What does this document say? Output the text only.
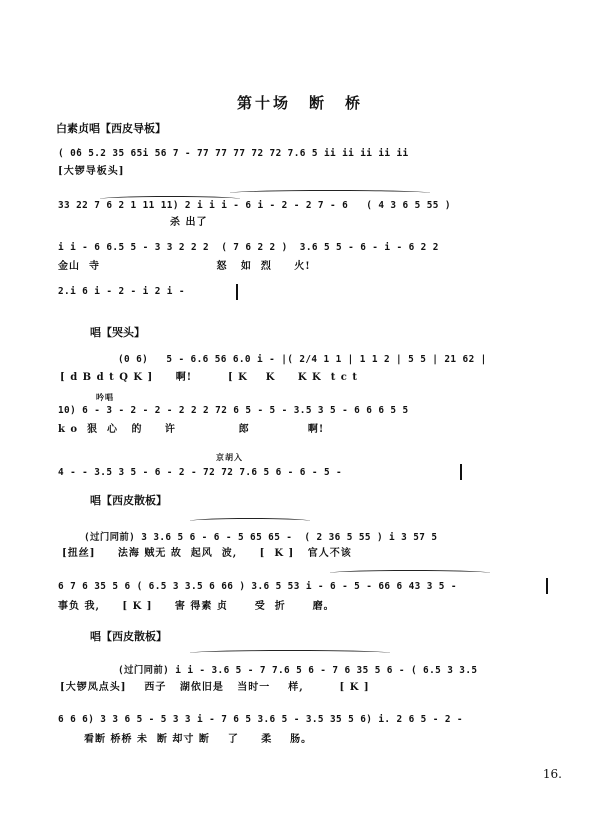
第十场　断　桥
白素贞唱【西皮导板】
( 0̇6 5.2 35 65i 56 7 - 77 77 77 72 72 7.6 5 ii ii ii ii ii
[大锣导板头]
33 22 7 6 2 1 11 11) 2 i i i - 6 i - 2 - 2 7 - 6   ( 4 3 6 5 55 )
杀 出了
i i - 6 6.5 5 - 3 3 2 2 2  ( 7 6 2 2 )  3.6 5 5 - 6 - i - 6 2 2
金山  寺                          怒   如  烈     火!
2.i 6 i - 2 - i 2 i -
唱【哭头】
(0 6)   5 - 6.6 56 6.0 i - |( 2/4 1 1 | 1 1 2 | 5 5 | 21 62 |
[ d B d t Q K ]     啊!        [ K    K     K K  t c t
吟唱
10) 6 - 3 - 2 - 2 - 2 2 2 72 6 5 - 5 - 3.5 3 5 - 6 6 6 5 5
k o  狠  心   的     许              郎             啊!
京胡入
4 - - 3.5 3 5 - 6 - 2 - 72 72 7.6 5 6 - 6 - 5 -
唱【西皮散板】
(过门同前) 3 3.6 5 6 - 6 - 5 65 65 -  ( 2 36 5 55 ) i 3 57 5
[扭丝]     法海 贼无 故  起风  波,     [  K ]   官人不该
6 7 6 35 5 6 ( 6.5 3 3.5 6 66 ) 3.6 5 53 i - 6 - 5 - 66 6 43 3 5 -
事负 我,     [ K ]     害 得素 贞      受  折      磨。
唱【西皮散板】
(过门同前) i i - 3.6 5 - 7 7.6 5 6 - 7 6 35 5 6 - ( 6.5 3 3.5
[大锣凤点头]    西子   湖依旧是   当时一    样,        [ K ]
6 6 6) 3 3 6 5 - 5 3 3 i - 7 6 5 3.6 5 - 3.5 35 5 6) i. 2 6 5 - 2 -
看断 桥桥 未  断 却寸 断    了     柔    肠。
16.
